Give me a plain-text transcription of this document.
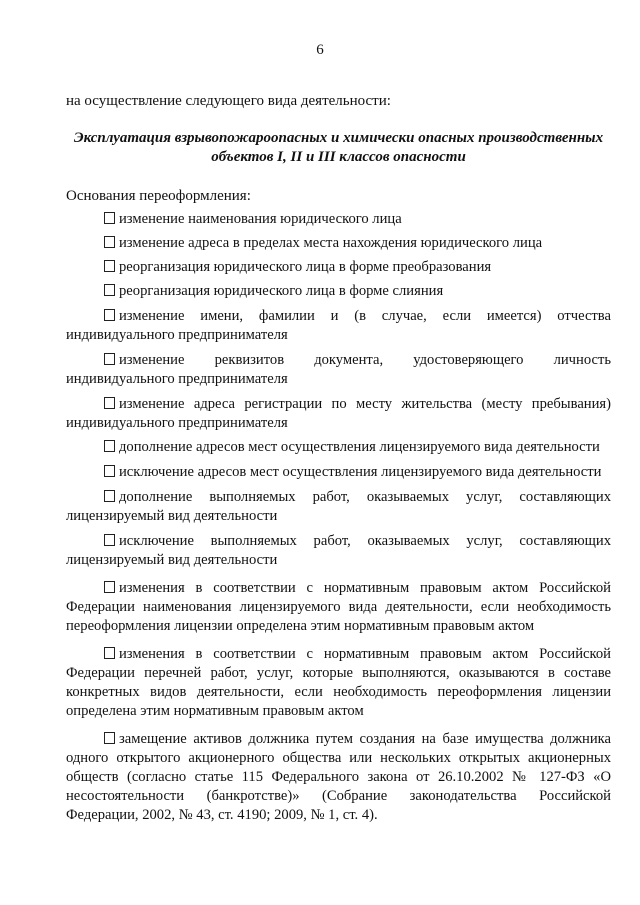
6
на осуществление следующего вида деятельности:
Эксплуатация взрывопожароопасных и химически опасных производственных
объектов I, II и III классов опасности
Основания переоформления:
изменение наименования юридического лица
изменение адреса в пределах места нахождения юридического лица
реорганизация юридического лица в форме преобразования
реорганизация юридического лица в форме слияния
изменение имени, фамилии и (в случае, если имеется) отчества индивидуального предпринимателя
изменение реквизитов документа, удостоверяющего личность индивидуального предпринимателя
изменение адреса регистрации по месту жительства (месту пребывания) индивидуального предпринимателя
дополнение адресов мест осуществления лицензируемого вида деятельности
исключение адресов мест осуществления лицензируемого вида деятельности
дополнение выполняемых работ, оказываемых услуг, составляющих лицензируемый вид деятельности
исключение выполняемых работ, оказываемых услуг, составляющих лицензируемый вид деятельности
изменения в соответствии с нормативным правовым актом Российской Федерации наименования лицензируемого вида деятельности, если необходимость переоформления лицензии определена этим нормативным правовым актом
изменения в соответствии с нормативным правовым актом Российской Федерации перечней работ, услуг, которые выполняются, оказываются в составе конкретных видов деятельности, если необходимость переоформления лицензии определена этим нормативным правовым актом
замещение активов должника путем создания на базе имущества должника одного открытого акционерного общества или нескольких открытых акционерных обществ (согласно статье 115 Федерального закона от 26.10.2002 № 127-ФЗ «О несостоятельности (банкротстве)» (Собрание законодательства Российской Федерации, 2002, № 43, ст. 4190; 2009, № 1, ст. 4).
